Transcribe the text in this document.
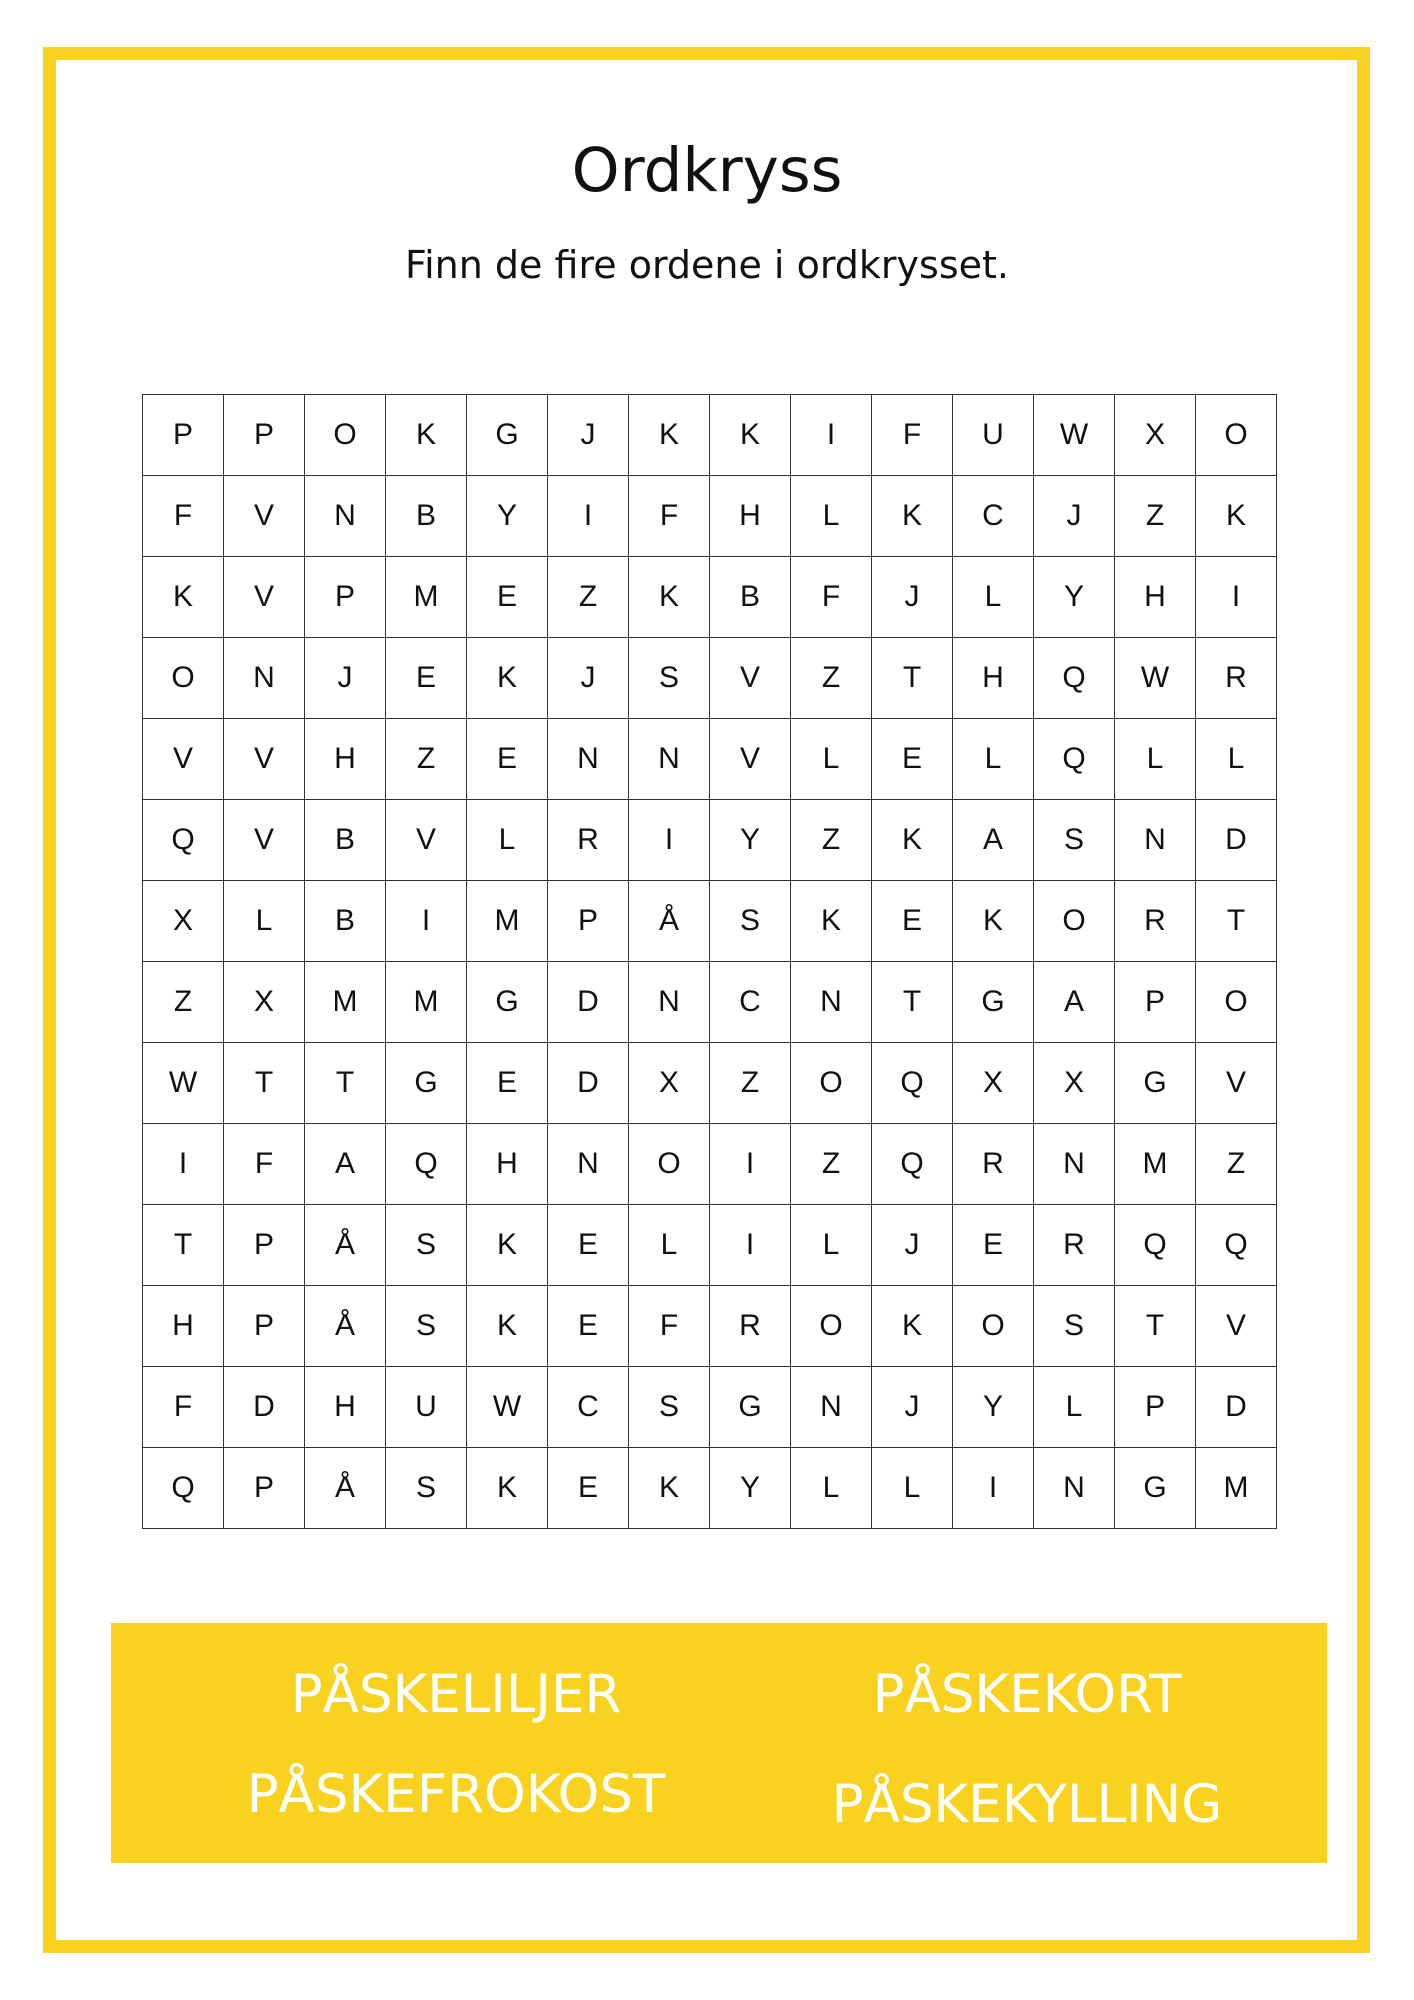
Ordkryss
Finn de fire ordene i ordkrysset.
P	P	O	K	G	J	K	K	I	F	U	W	X	O
F	V	N	B	Y	I	F	H	L	K	C	J	Z	K
K	V	P	M	E	Z	K	B	F	J	L	Y	H	I
O	N	J	E	K	J	S	V	Z	T	H	Q	W	R
V	V	H	Z	E	N	N	V	L	E	L	Q	L	L
Q	V	B	V	L	R	I	Y	Z	K	A	S	N	D
X	L	B	I	M	P	Å	S	K	E	K	O	R	T
Z	X	M	M	G	D	N	C	N	T	G	A	P	O
W	T	T	G	E	D	X	Z	O	Q	X	X	G	V
I	F	A	Q	H	N	O	I	Z	Q	R	N	M	Z
T	P	Å	S	K	E	L	I	L	J	E	R	Q	Q
H	P	Å	S	K	E	F	R	O	K	O	S	T	V
F	D	H	U	W	C	S	G	N	J	Y	L	P	D
Q	P	Å	S	K	E	K	Y	L	L	I	N	G	M
PÅSKELILJER	PÅSKEKORT
PÅSKEFROKOST	PÅSKEKYLLING
